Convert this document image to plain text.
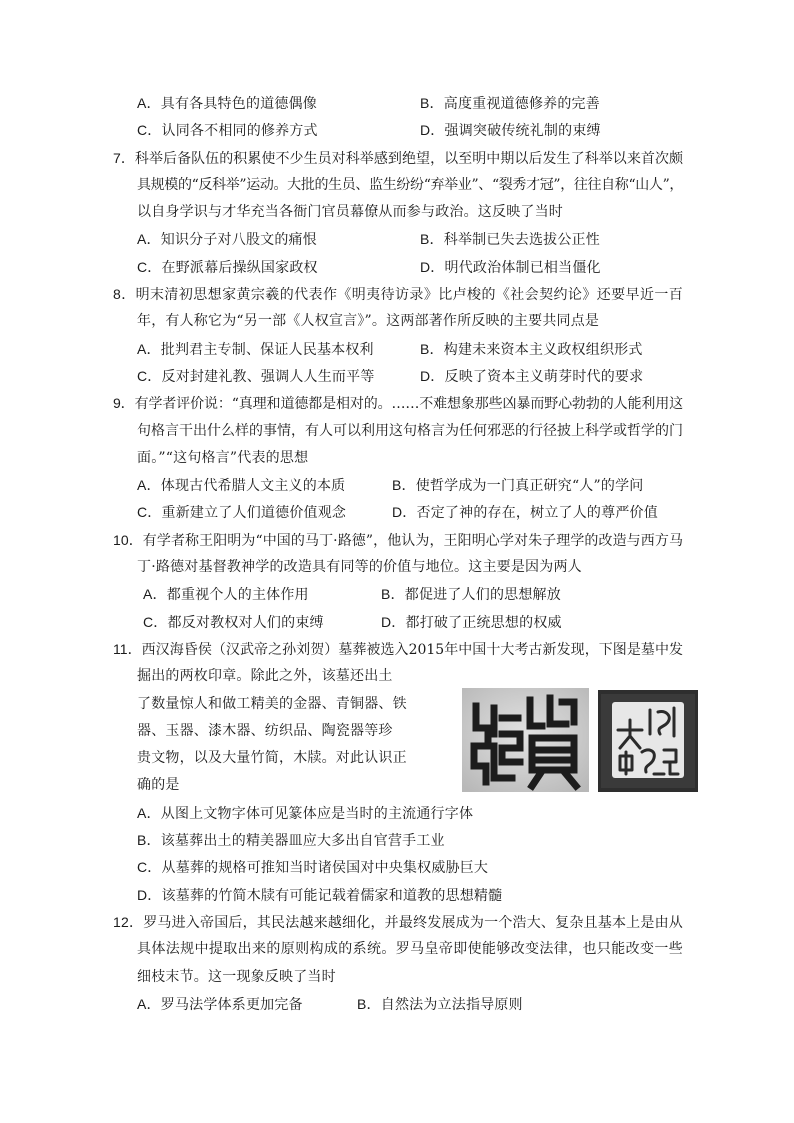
A．具有各具特色的道德偶像	B．高度重视道德修养的完善
C．认同各不相同的修养方式	D．强调突破传统礼制的束缚
7．科举后备队伍的积累使不少生员对科举感到绝望，以至明中期以后发生了科举以来首次颇
具规模的“反科举”运动。大批的生员、监生纷纷“弃举业”、“裂秀才冠”，往往自称“山人”，
以自身学识与才华充当各衙门官员幕僚从而参与政治。这反映了当时
A．知识分子对八股文的痛恨	B．科举制已失去选拔公正性
C．在野派幕后操纵国家政权	D．明代政治体制已相当僵化
8．明末清初思想家黄宗羲的代表作《明夷待访录》比卢梭的《社会契约论》还要早近一百
年，有人称它为“另一部《人权宣言》”。这两部著作所反映的主要共同点是
A．批判君主专制、保证人民基本权利	B．构建未来资本主义政权组织形式
C．反对封建礼教、强调人人生而平等	D．反映了资本主义萌芽时代的要求
9．有学者评价说：“真理和道德都是相对的。……不难想象那些凶暴而野心勃勃的人能利用这
句格言干出什么样的事情，有人可以利用这句格言为任何邪恶的行径披上科学或哲学的门
面。”“这句格言”代表的思想
A．体现古代希腊人文主义的本质	B．使哲学成为一门真正研究“人”的学问
C．重新建立了人们道德价值观念	D．否定了神的存在，树立了人的尊严价值
10．有学者称王阳明为“中国的马丁·路德”，他认为，王阳明心学对朱子理学的改造与西方马
丁·路德对基督教神学的改造具有同等的价值与地位。这主要是因为两人
A．都重视个人的主体作用	B．都促进了人们的思想解放
C．都反对教权对人们的束缚	D．都打破了正统思想的权威
11．西汉海昏侯（汉武帝之孙刘贺）墓葬被选入2015年中国十大考古新发现，下图是墓中发
掘出的两枚印章。除此之外，该墓还出土
了数量惊人和做工精美的金器、青铜器、铁
器、玉器、漆木器、纺织品、陶瓷器等珍
贵文物，以及大量竹简，木牍。对此认识正
确的是
A．从图上文物字体可见篆体应是当时的主流通行字体
B．该墓葬出土的精美器皿应大多出自官营手工业
C．从墓葬的规格可推知当时诸侯国对中央集权威胁巨大
D．该墓葬的竹简木牍有可能记载着儒家和道教的思想精髓
12．罗马进入帝国后，其民法越来越细化，并最终发展成为一个浩大、复杂且基本上是由从
具体法规中提取出来的原则构成的系统。罗马皇帝即使能够改变法律，也只能改变一些
细枝末节。这一现象反映了当时
A．罗马法学体系更加完备	B．自然法为立法指导原则
